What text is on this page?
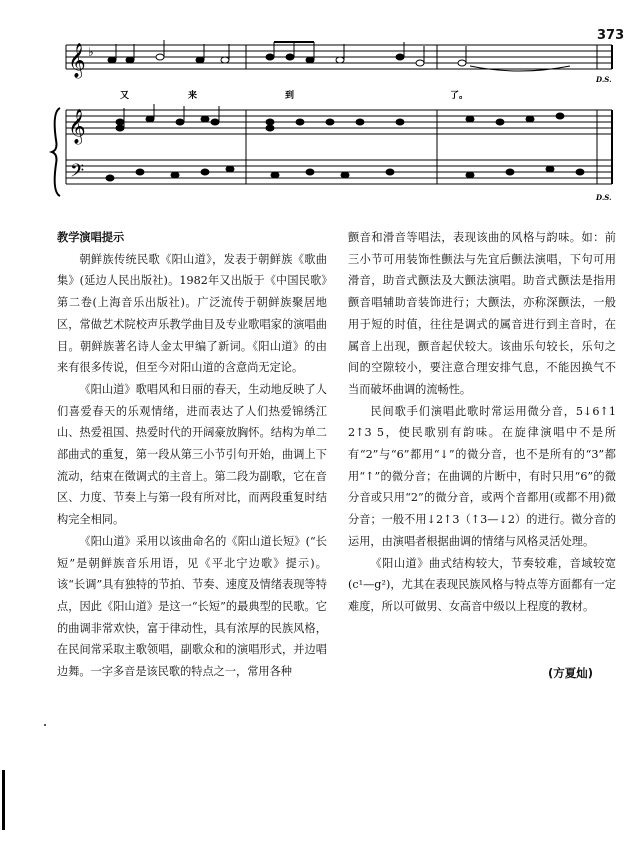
373
𝄞 ♭
D.S.
又	来	到	了。
𝄞
𝄢
D.S.

教学演唱提示

朝鲜族传统民歌《阳山道》，发表于朝鲜族《歌曲集》(延边人民出版社)。1982年又出版于《中国民歌》第二卷(上海音乐出版社)。广泛流传于朝鲜族聚居地区，常做艺术院校声乐教学曲目及专业歌唱家的演唱曲目。朝鲜族著名诗人金太甲编了新词。《阳山道》的由来有很多传说，但至今对阳山道的含意尚无定论。

《阳山道》歌唱风和日丽的春天，生动地反映了人们喜爱春天的乐观情绪，进而表达了人们热爱锦绣江山、热爱祖国、热爱时代的开阔豪放胸怀。结构为单二部曲式的重复，第一段从第三小节引句开始，曲调上下流动，结束在徵调式的主音上。第二段为副歌，它在音区、力度、节奏上与第一段有所对比，而两段重复时结构完全相同。

《阳山道》采用以该曲命名的《阳山道长短》(“长短”是朝鲜族音乐用语，见《平北宁边歌》提示)。该“长调”具有独特的节拍、节奏、速度及情绪表现等特点，因此《阳山道》是这一“长短”的最典型的民歌。它的曲调非常欢快，富于律动性，具有浓厚的民族风格，在民间常采取主歌领唱，副歌众和的演唱形式，并边唱边舞。一字多音是该民歌的特点之一，常用各种

颤音和滑音等唱法，表现该曲的风格与韵味。如：前三小节可用装饰性颤法与先宜后颤法演唱，下句可用滑音，助音式颤法及大颤法演唱。助音式颤法是指用颤音唱辅助音装饰进行；大颤法，亦称深颤法，一般用于短的时值，往往是调式的属音进行到主音时，在属音上出现，颤音起伏较大。该曲乐句较长，乐句之间的空隙较小，要注意合理安排气息，不能因换气不当而破坏曲调的流畅性。

民间歌手们演唱此歌时常运用微分音，5↓6↑1 2↑3 5，使民歌别有韵味。在旋律演唱中不是所有“2”与“6”都用“↓”的微分音，也不是所有的“3”都用“↑”的微分音；在曲调的片断中，有时只用“6”的微分音或只用“2”的微分音，或两个音都用(或都不用)微分音；一般不用↓2↑3（↑3—↓2）的进行。微分音的运用，由演唱者根据曲调的情绪与风格灵活处理。

《阳山道》曲式结构较大，节奏较难，音域较宽(c¹—g²)，尤其在表现民族风格与特点等方面都有一定难度，所以可做男、女高音中级以上程度的教材。

(方夏灿)
